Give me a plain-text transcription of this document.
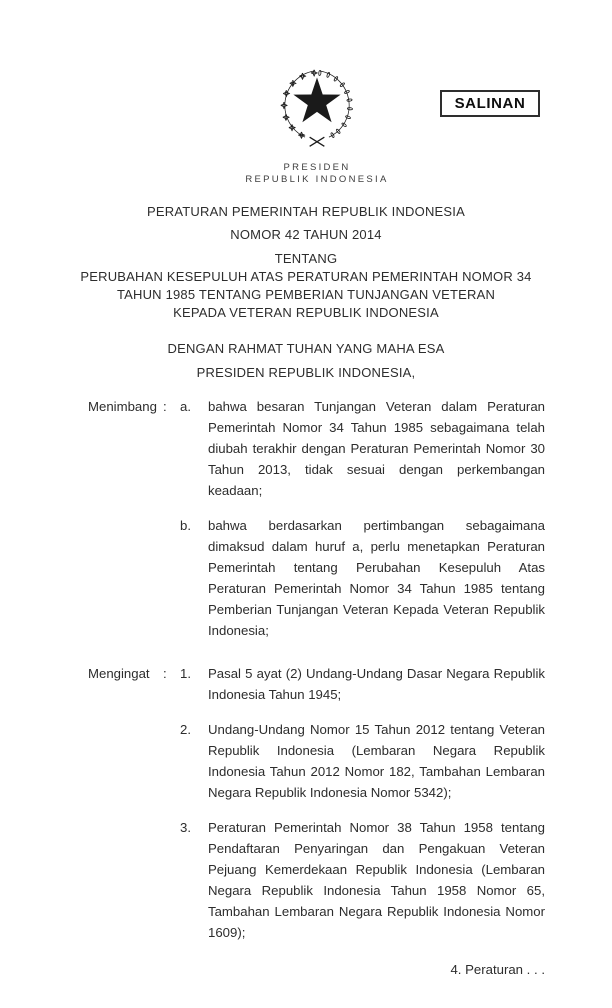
SALINAN
PRESIDEN
REPUBLIK INDONESIA
PERATURAN PEMERINTAH REPUBLIK INDONESIA
NOMOR 42 TAHUN 2014
TENTANG
PERUBAHAN KESEPULUH ATAS PERATURAN PEMERINTAH NOMOR 34
TAHUN 1985 TENTANG PEMBERIAN TUNJANGAN VETERAN
KEPADA VETERAN REPUBLIK INDONESIA
DENGAN RAHMAT TUHAN YANG MAHA ESA
PRESIDEN REPUBLIK INDONESIA,
Menimbang :	a.	bahwa besaran Tunjangan Veteran dalam Peraturan Pemerintah Nomor 34 Tahun 1985 sebagaimana telah diubah terakhir dengan Peraturan Pemerintah Nomor 30 Tahun 2013, tidak sesuai dengan perkembangan keadaan;
b.	bahwa berdasarkan pertimbangan sebagaimana dimaksud dalam huruf a, perlu menetapkan Peraturan Pemerintah tentang Perubahan Kesepuluh Atas Peraturan Pemerintah Nomor 34 Tahun 1985 tentang Pemberian Tunjangan Veteran Kepada Veteran Republik Indonesia;
Mengingat	:	1.	Pasal 5 ayat (2) Undang-Undang Dasar Negara Republik Indonesia Tahun 1945;
2.	Undang-Undang Nomor 15 Tahun 2012 tentang Veteran Republik Indonesia (Lembaran Negara Republik Indonesia Tahun 2012 Nomor 182, Tambahan Lembaran Negara Republik Indonesia Nomor 5342);
3.	Peraturan Pemerintah Nomor 38 Tahun 1958 tentang Pendaftaran Penyaringan dan Pengakuan Veteran Pejuang Kemerdekaan Republik Indonesia (Lembaran Negara Republik Indonesia Tahun 1958 Nomor 65, Tambahan Lembaran Negara Republik Indonesia Nomor 1609);
4. Peraturan . . .
